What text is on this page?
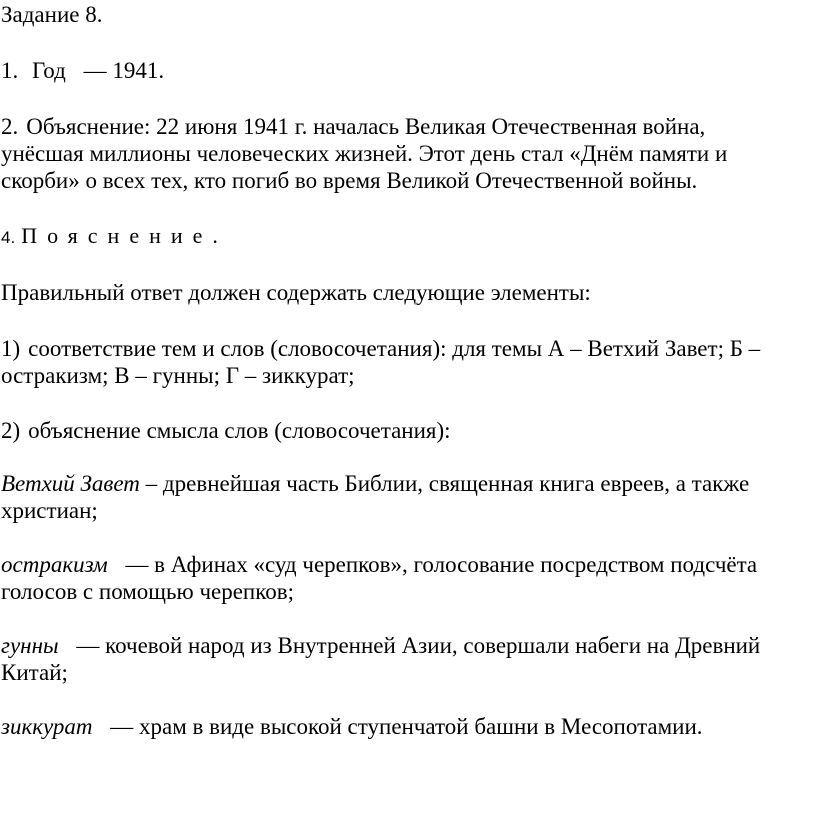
Задание 8.
1. Год — 1941.
2. Объяснение: 22 июня 1941 г. началась Великая Отечественная война,
унёсшая миллионы человеческих жизней. Этот день стал «Днём памяти и
скорби» о всех тех, кто погиб во время Великой Отечественной войны.
4. Пояснение.
Правильный ответ должен содержать следующие элементы:
1) соответствие тем и слов (словосочетания): для темы А – Ветхий Завет; Б –
остракизм; В – гунны; Г – зиккурат;
2) объяснение смысла слов (словосочетания):
Ветхий Завет – древнейшая часть Библии, священная книга евреев, а также
христиан;
остракизм — в Афинах «суд черепков», голосование посредством подсчёта
голосов с помощью черепков;
гунны — кочевой народ из Внутренней Азии, совершали набеги на Древний
Китай;
зиккурат — храм в виде высокой ступенчатой башни в Месопотамии.
